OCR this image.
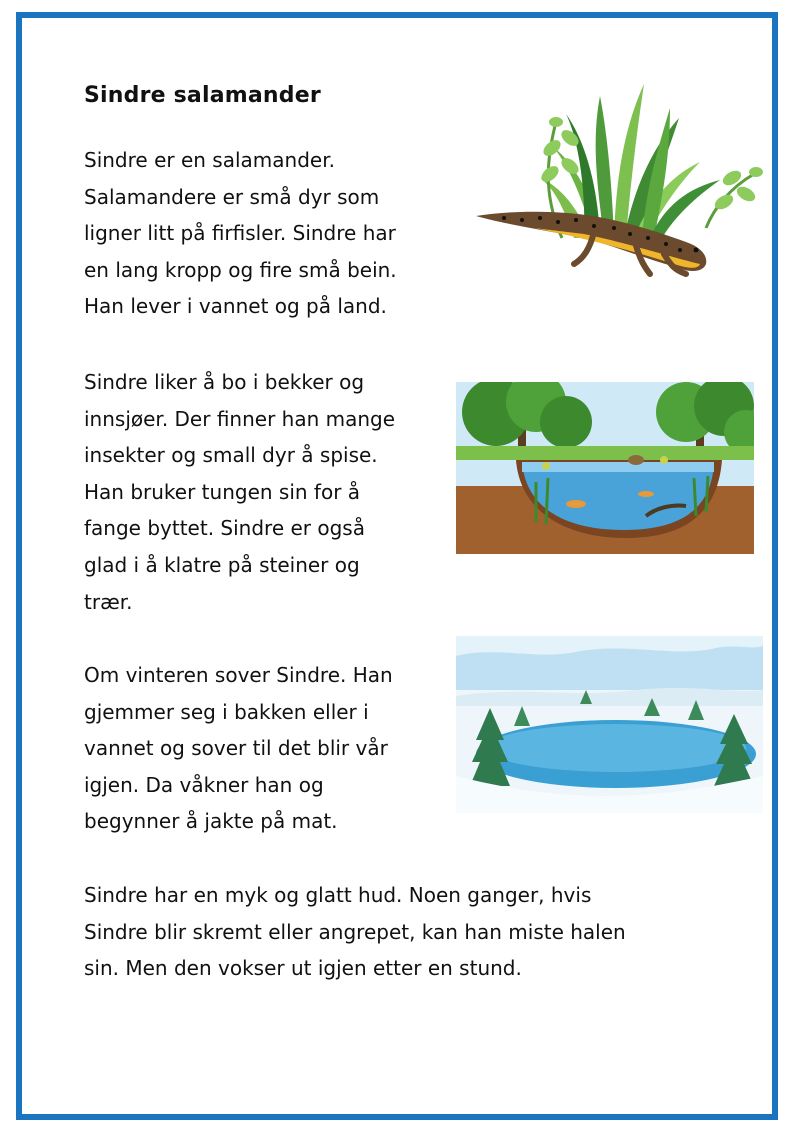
Sindre salamander

Sindre er en salamander.
Salamandere er små dyr som
ligner litt på firfisler. Sindre har
en lang kropp og fire små bein.
Han lever i vannet og på land.

Sindre liker å bo i bekker og
innsjøer. Der finner han mange
insekter og small dyr å spise.
Han bruker tungen sin for å
fange byttet. Sindre er også
glad i å klatre på steiner og
trær.

Om vinteren sover Sindre. Han
gjemmer seg i bakken eller i
vannet og sover til det blir vår
igjen. Da våkner han og
begynner å jakte på mat.

Sindre har en myk og glatt hud. Noen ganger, hvis
Sindre blir skremt eller angrepet, kan han miste halen
sin. Men den vokser ut igjen etter en stund.
